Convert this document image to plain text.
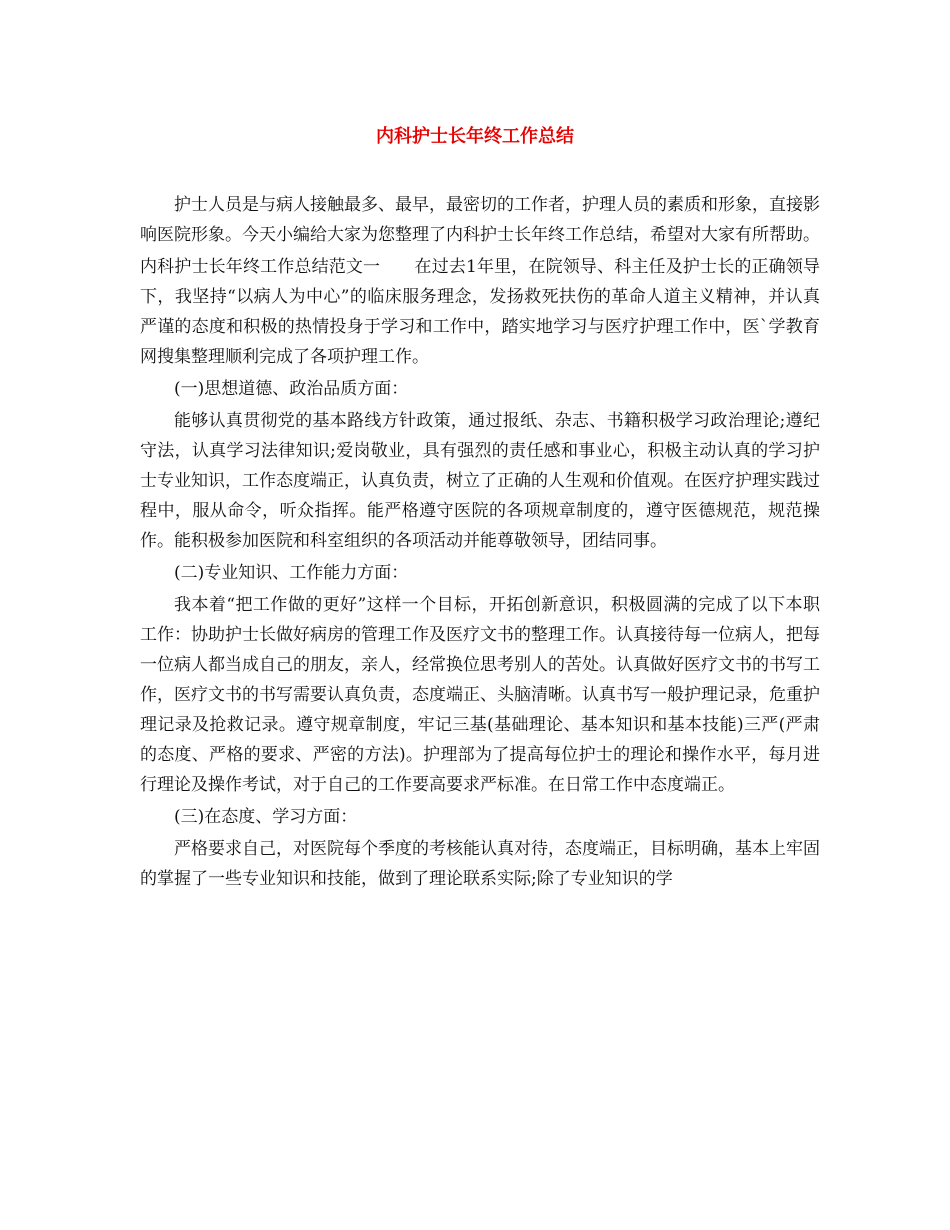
内科护士长年终工作总结

护士人员是与病人接触最多、最早，最密切的工作者，护理人员的素质和形象，直接影响医院形象。今天小编给大家为您整理了内科护士长年终工作总结，希望对大家有所帮助。

内科护士长年终工作总结范文一　　在过去1年里，在院领导、科主任及护士长的正确领导下，我坚持“以病人为中心”的临床服务理念，发扬救死扶伤的革命人道主义精神，并认真严谨的态度和积极的热情投身于学习和工作中，踏实地学习与医疗护理工作中，医`学教育网搜集整理顺利完成了各项护理工作。

(一)思想道德、政治品质方面：

能够认真贯彻党的基本路线方针政策，通过报纸、杂志、书籍积极学习政治理论;遵纪守法，认真学习法律知识;爱岗敬业，具有强烈的责任感和事业心，积极主动认真的学习护士专业知识，工作态度端正，认真负责，树立了正确的人生观和价值观。在医疗护理实践过程中，服从命令，听众指挥。能严格遵守医院的各项规章制度的，遵守医德规范，规范操作。能积极参加医院和科室组织的各项活动并能尊敬领导，团结同事。

(二)专业知识、工作能力方面：

我本着“把工作做的更好”这样一个目标，开拓创新意识，积极圆满的完成了以下本职工作：协助护士长做好病房的管理工作及医疗文书的整理工作。认真接待每一位病人，把每一位病人都当成自己的朋友，亲人，经常换位思考别人的苦处。认真做好医疗文书的书写工作，医疗文书的书写需要认真负责，态度端正、头脑清晰。认真书写一般护理记录，危重护理记录及抢救记录。遵守规章制度，牢记三基(基础理论、基本知识和基本技能)三严(严肃的态度、严格的要求、严密的方法)。护理部为了提高每位护士的理论和操作水平，每月进行理论及操作考试，对于自己的工作要高要求严标准。在日常工作中态度端正。

(三)在态度、学习方面：

严格要求自己，对医院每个季度的考核能认真对待，态度端正，目标明确，基本上牢固的掌握了一些专业知识和技能，做到了理论联系实际;除了专业知识的学
